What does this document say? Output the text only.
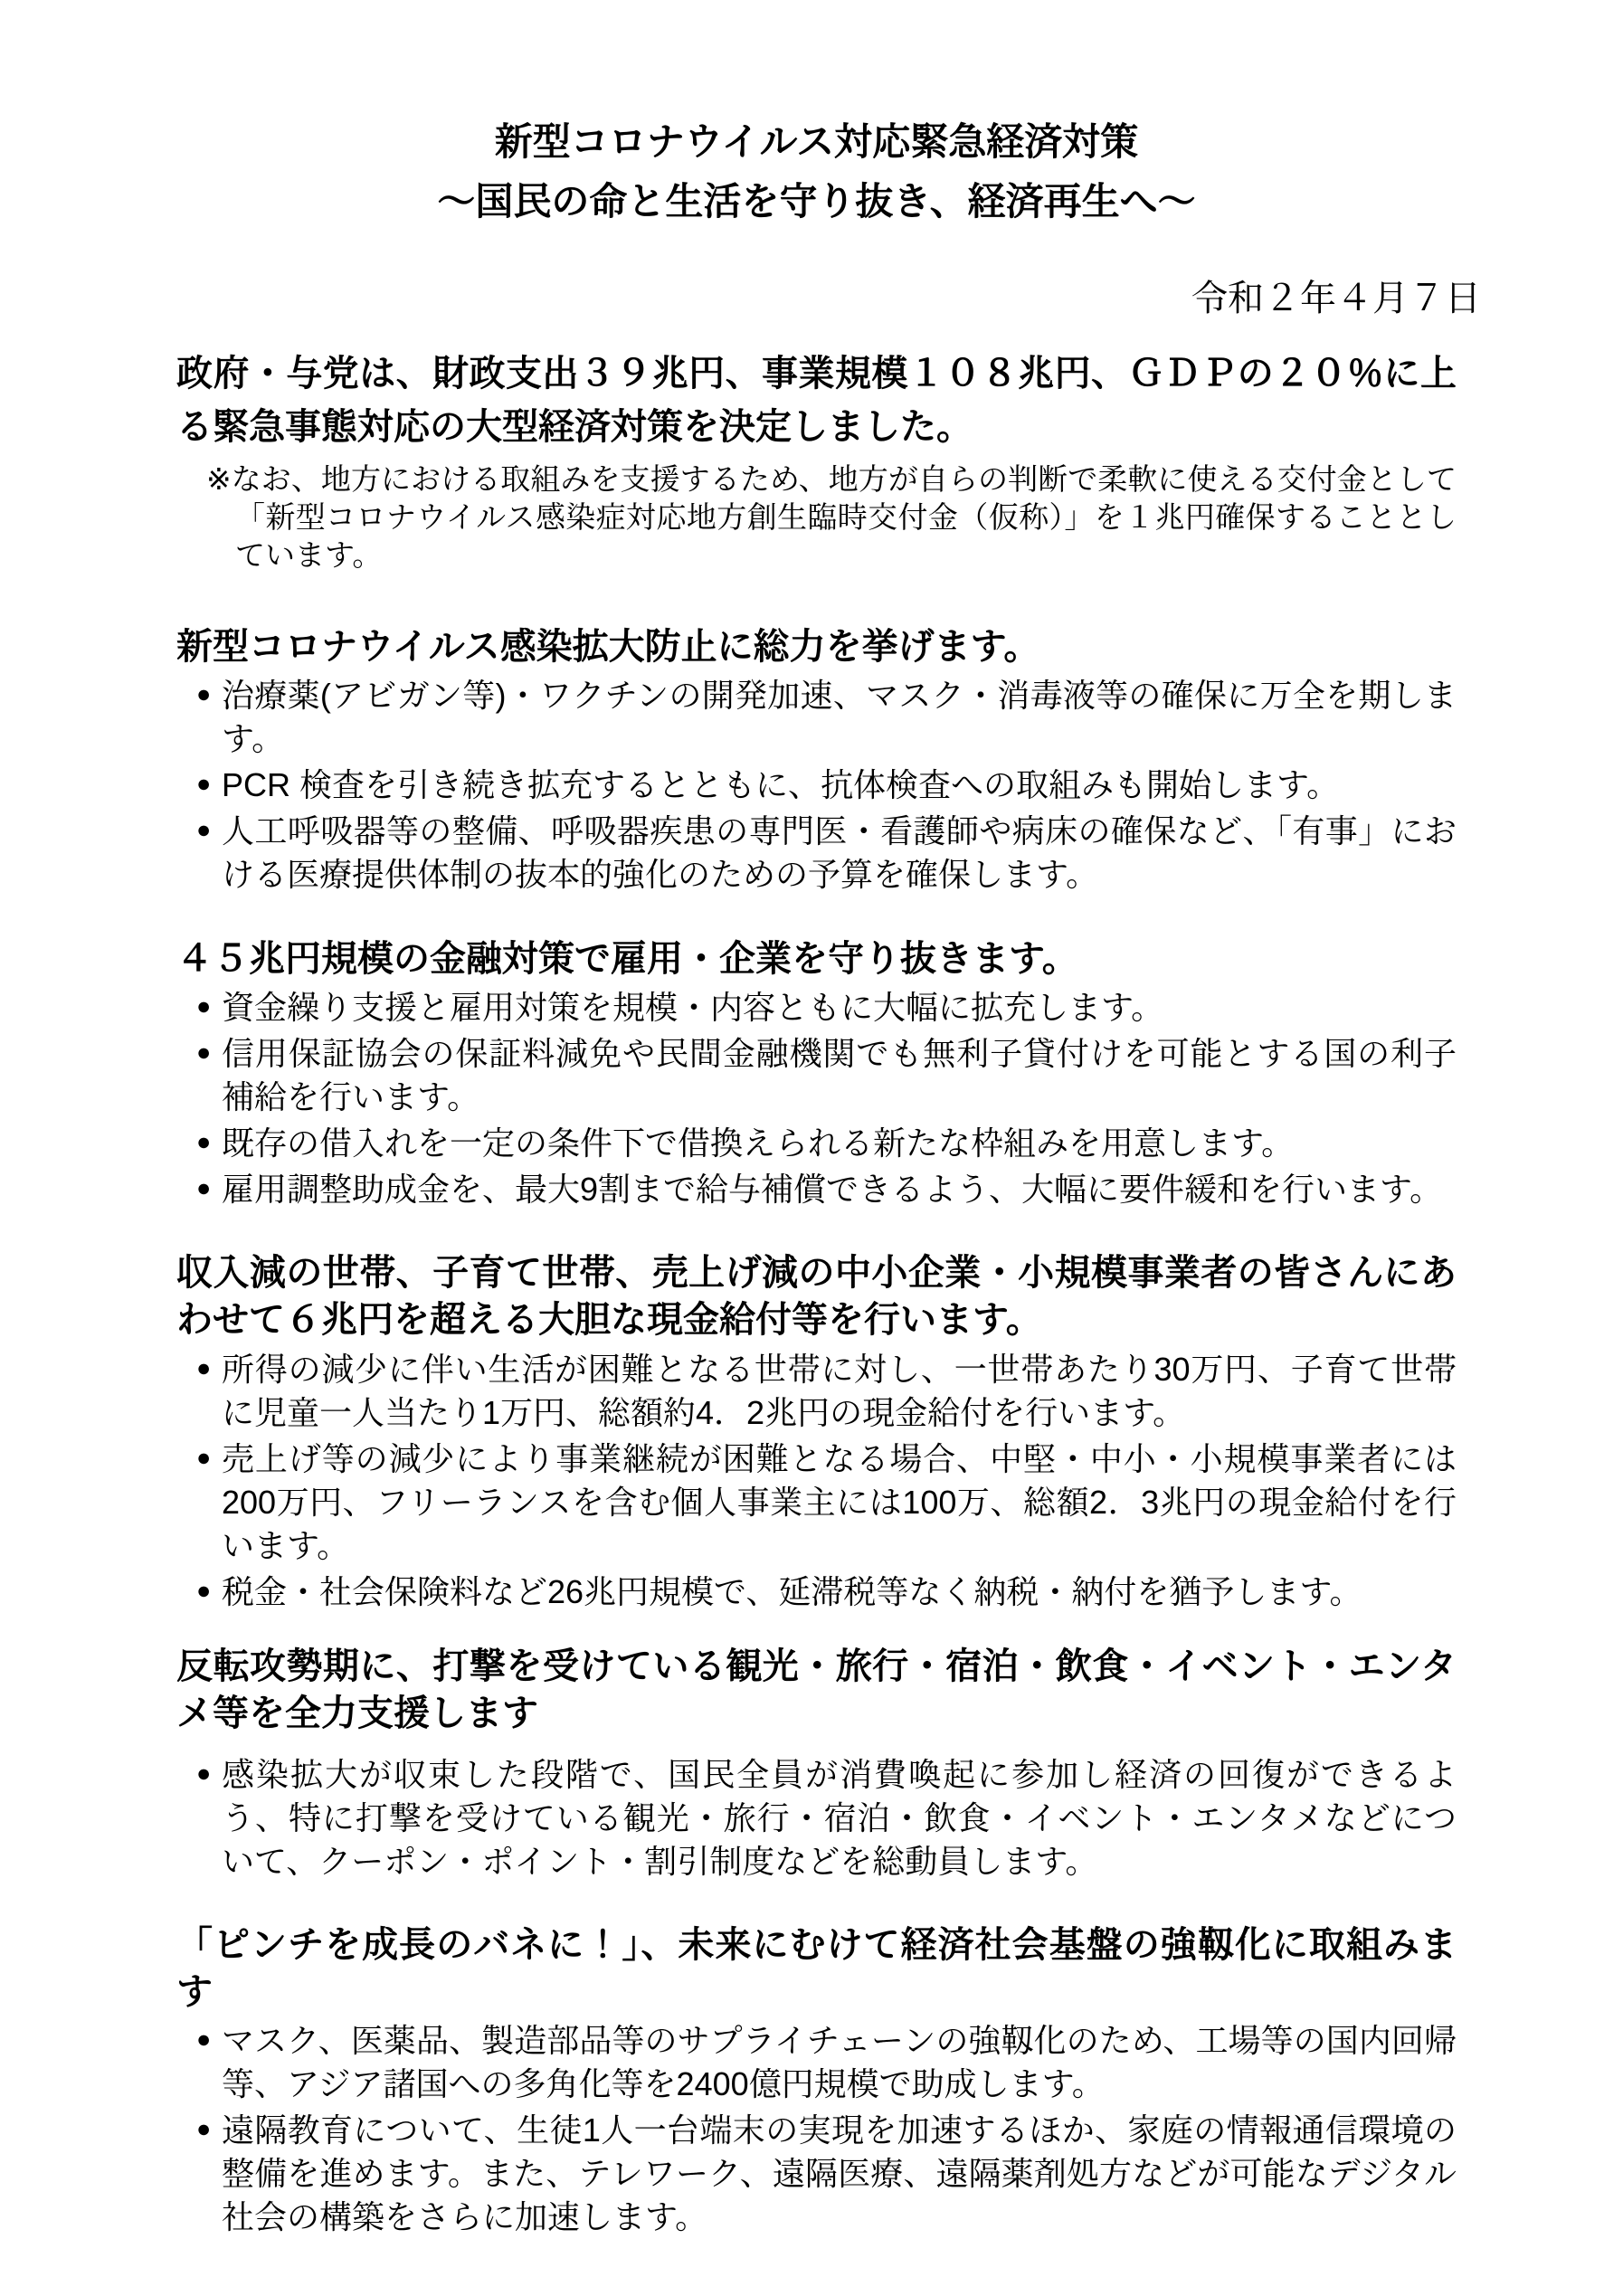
新型コロナウイルス対応緊急経済対策
～国民の命と生活を守り抜き、経済再生へ～
令和２年４月７日

政府・与党は、財政支出３９兆円、事業規模１０８兆円、ＧＤＰの２０％に上る緊急事態対応の大型経済対策を決定しました。

※なお、地方における取組みを支援するため、地方が自らの判断で柔軟に使える交付金として「新型コロナウイルス感染症対応地方創生臨時交付金（仮称）」を１兆円確保することとしています。

新型コロナウイルス感染拡大防止に総力を挙げます。
● 治療薬(アビガン等)・ワクチンの開発加速、マスク・消毒液等の確保に万全を期します。
● PCR 検査を引き続き拡充するとともに、抗体検査への取組みも開始します。
● 人工呼吸器等の整備、呼吸器疾患の専門医・看護師や病床の確保など、「有事」における医療提供体制の抜本的強化のための予算を確保します。
４５兆円規模の金融対策で雇用・企業を守り抜きます。
● 資金繰り支援と雇用対策を規模・内容ともに大幅に拡充します。
● 信用保証協会の保証料減免や民間金融機関でも無利子貸付けを可能とする国の利子補給を行います。
● 既存の借入れを一定の条件下で借換えられる新たな枠組みを用意します。
● 雇用調整助成金を、最大9割まで給与補償できるよう、大幅に要件緩和を行います。
収入減の世帯、子育て世帯、売上げ減の中小企業・小規模事業者の皆さんにあわせて６兆円を超える大胆な現金給付等を行います。
● 所得の減少に伴い生活が困難となる世帯に対し、一世帯あたり30万円、子育て世帯に児童一人当たり1万円、総額約4．2兆円の現金給付を行います。
● 売上げ等の減少により事業継続が困難となる場合、中堅・中小・小規模事業者には200万円、フリーランスを含む個人事業主には100万、総額2．3兆円の現金給付を行います。
● 税金・社会保険料など26兆円規模で、延滞税等なく納税・納付を猶予します。
反転攻勢期に、打撃を受けている観光・旅行・宿泊・飲食・イベント・エンタメ等を全力支援します
● 感染拡大が収束した段階で、国民全員が消費喚起に参加し経済の回復ができるよう、特に打撃を受けている観光・旅行・宿泊・飲食・イベント・エンタメなどについて、クーポン・ポイント・割引制度などを総動員します。
「ピンチを成長のバネに！」、未来にむけて経済社会基盤の強靱化に取組みます
● マスク、医薬品、製造部品等のサプライチェーンの強靱化のため、工場等の国内回帰等、アジア諸国への多角化等を2400億円規模で助成します。
● 遠隔教育について、生徒1人一台端末の実現を加速するほか、家庭の情報通信環境の整備を進めます。また、テレワーク、遠隔医療、遠隔薬剤処方などが可能なデジタル社会の構築をさらに加速します。
